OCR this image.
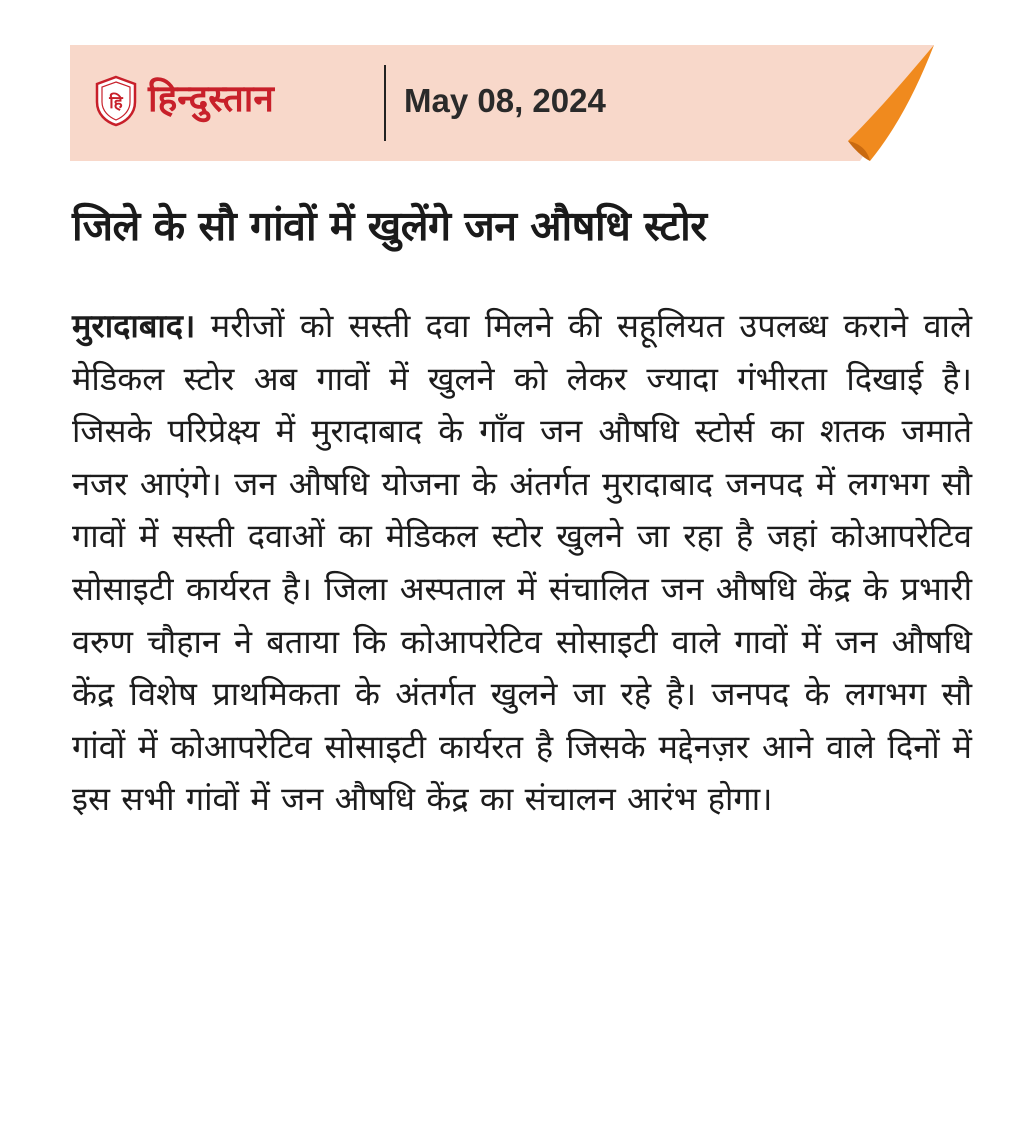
हि हिन्दुस्तान	May 08, 2024
जिले के सौ गांवों में खुलेंगे जन औषधि स्टोर

मुरादाबाद। मरीजों को सस्ती दवा मिलने की सहूलियत उपलब्ध कराने वाले मेडिकल स्टोर अब गावों में खुलने को लेकर ज्यादा गंभीरता दिखाई है। जिसके परिप्रेक्ष्य में मुरादाबाद के गाँव जन औषधि स्टोर्स का शतक जमाते नजर आएंगे। जन औषधि योजना के अंतर्गत मुरादाबाद जनपद में लगभग सौ गावों में सस्ती दवाओं का मेडिकल स्टोर खुलने जा रहा है जहां कोआपरेटिव सोसाइटी कार्यरत है। जिला अस्पताल में संचालित जन औषधि केंद्र के प्रभारी वरुण चौहान ने बताया कि कोआपरेटिव सोसाइटी वाले गावों में जन औषधि केंद्र विशेष प्राथमिकता के अंतर्गत खुलने जा रहे है। जनपद के लगभग सौ गांवों में कोआपरेटिव सोसाइटी कार्यरत है जिसके मद्देनज़र आने वाले दिनों में इस सभी गांवों में जन औषधि केंद्र का संचालन आरंभ होगा।
